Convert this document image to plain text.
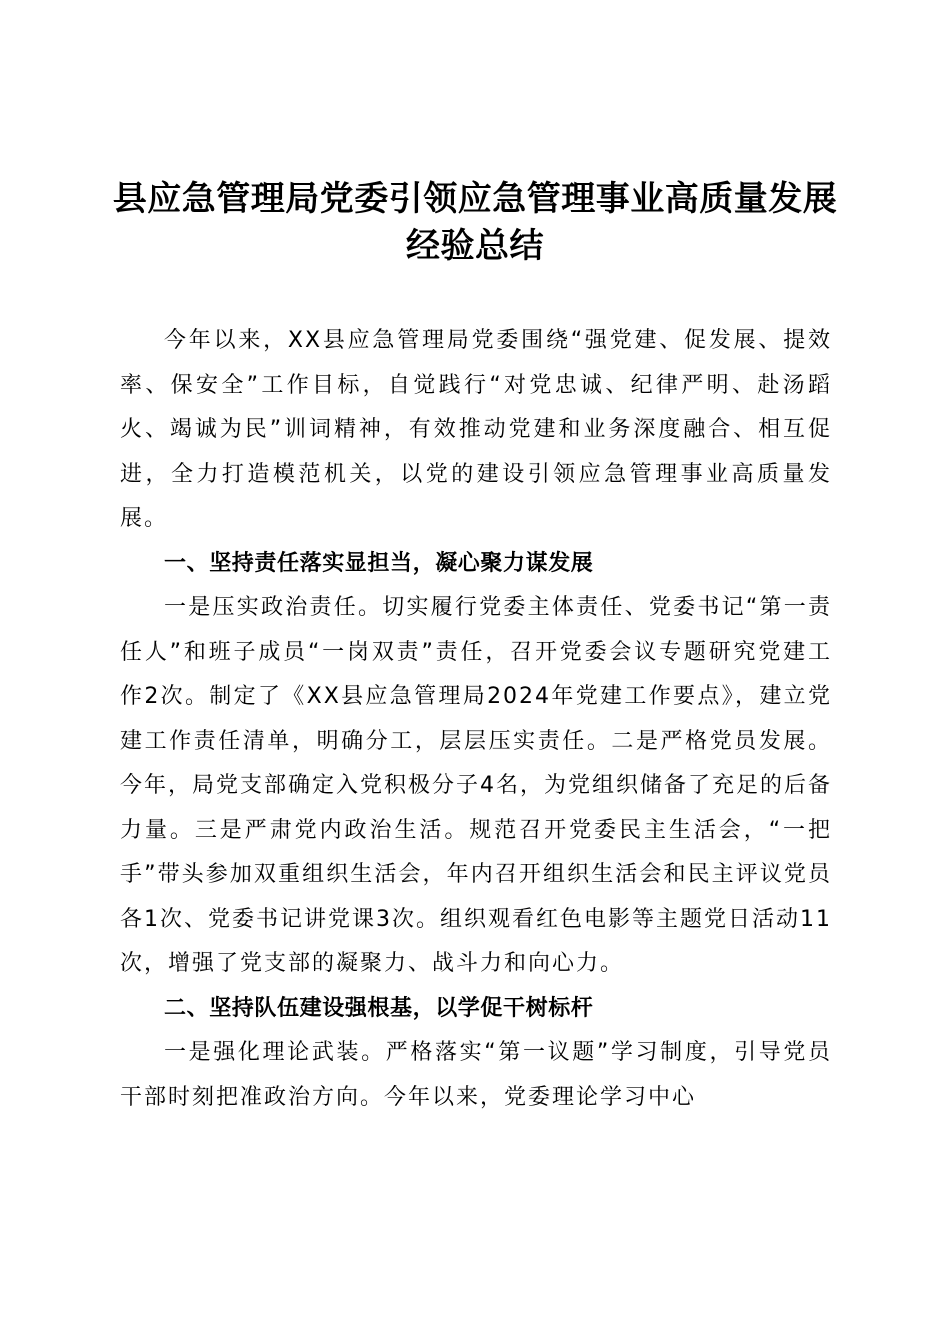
县应急管理局党委引领应急管理事业高质量发展经验总结

今年以来，XX县应急管理局党委围绕“强党建、促发展、提效率、保安全”工作目标，自觉践行“对党忠诚、纪律严明、赴汤蹈火、竭诚为民”训词精神，有效推动党建和业务深度融合、相互促进，全力打造模范机关，以党的建设引领应急管理事业高质量发展。

一、坚持责任落实显担当，凝心聚力谋发展

一是压实政治责任。切实履行党委主体责任、党委书记“第一责任人”和班子成员“一岗双责”责任，召开党委会议专题研究党建工作2次。制定了《XX县应急管理局2024年党建工作要点》，建立党建工作责任清单，明确分工，层层压实责任。二是严格党员发展。今年，局党支部确定入党积极分子4名，为党组织储备了充足的后备力量。三是严肃党内政治生活。规范召开党委民主生活会，“一把手”带头参加双重组织生活会，年内召开组织生活会和民主评议党员各1次、党委书记讲党课3次。组织观看红色电影等主题党日活动11次，增强了党支部的凝聚力、战斗力和向心力。

二、坚持队伍建设强根基，以学促干树标杆

一是强化理论武装。严格落实“第一议题”学习制度，引导党员干部时刻把准政治方向。今年以来，党委理论学习中心
